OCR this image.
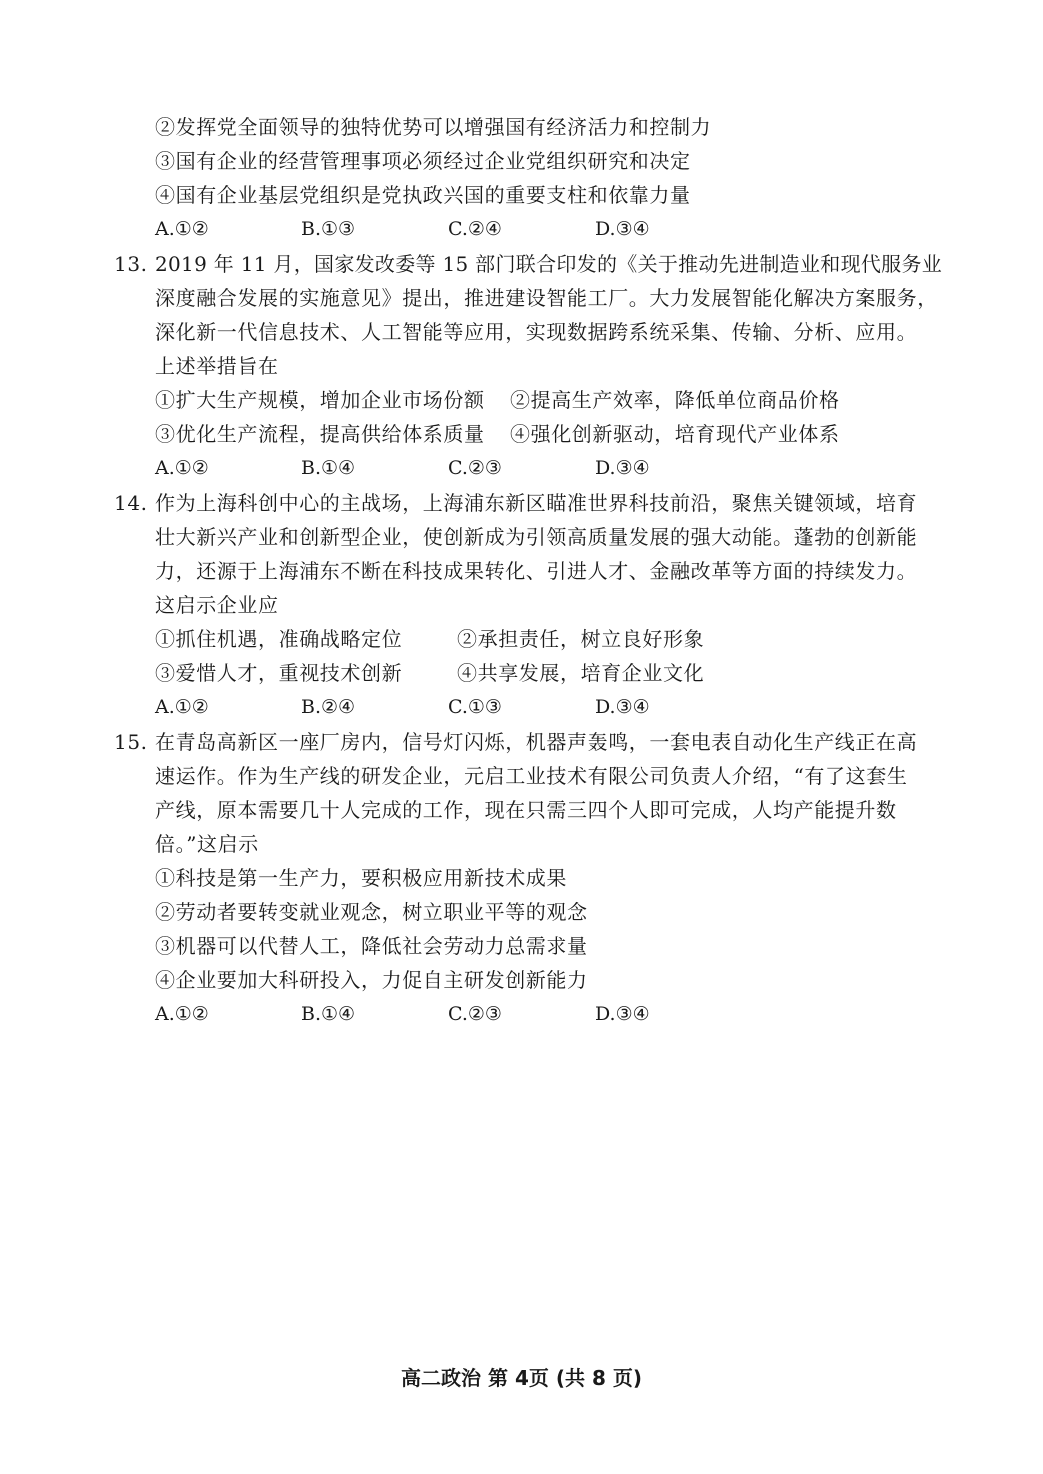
②发挥党全面领导的独特优势可以增强国有经济活力和控制力
③国有企业的经营管理事项必须经过企业党组织研究和决定
④国有企业基层党组织是党执政兴国的重要支柱和依靠力量
A.①②	B.①③	C.②④	D.③④
13. 2019 年 11 月，国家发改委等 15 部门联合印发的《关于推动先进制造业和现代服务业
深度融合发展的实施意见》提出，推进建设智能工厂。大力发展智能化解决方案服务，
深化新一代信息技术、人工智能等应用，实现数据跨系统采集、传输、分析、应用。
上述举措旨在
①扩大生产规模，增加企业市场份额 ②提高生产效率，降低单位商品价格
③优化生产流程，提高供给体系质量 ④强化创新驱动，培育现代产业体系
A.①②	B.①④	C.②③	D.③④
14. 作为上海科创中心的主战场，上海浦东新区瞄准世界科技前沿，聚焦关键领域，培育
壮大新兴产业和创新型企业，使创新成为引领高质量发展的强大动能。蓬勃的创新能
力，还源于上海浦东不断在科技成果转化、引进人才、金融改革等方面的持续发力。
这启示企业应
①抓住机遇，准确战略定位	②承担责任，树立良好形象
③爱惜人才，重视技术创新	④共享发展，培育企业文化
A.①②	B.②④	C.①③	D.③④
15. 在青岛高新区一座厂房内，信号灯闪烁，机器声轰鸣，一套电表自动化生产线正在高
速运作。作为生产线的研发企业，元启工业技术有限公司负责人介绍，“有了这套生
产线，原本需要几十人完成的工作，现在只需三四个人即可完成，人均产能提升数
倍。”这启示
①科技是第一生产力，要积极应用新技术成果
②劳动者要转变就业观念，树立职业平等的观念
③机器可以代替人工，降低社会劳动力总需求量
④企业要加大科研投入，力促自主研发创新能力
A.①②	B.①④	C.②③	D.③④
高二政治 第 4页 (共 8 页)
